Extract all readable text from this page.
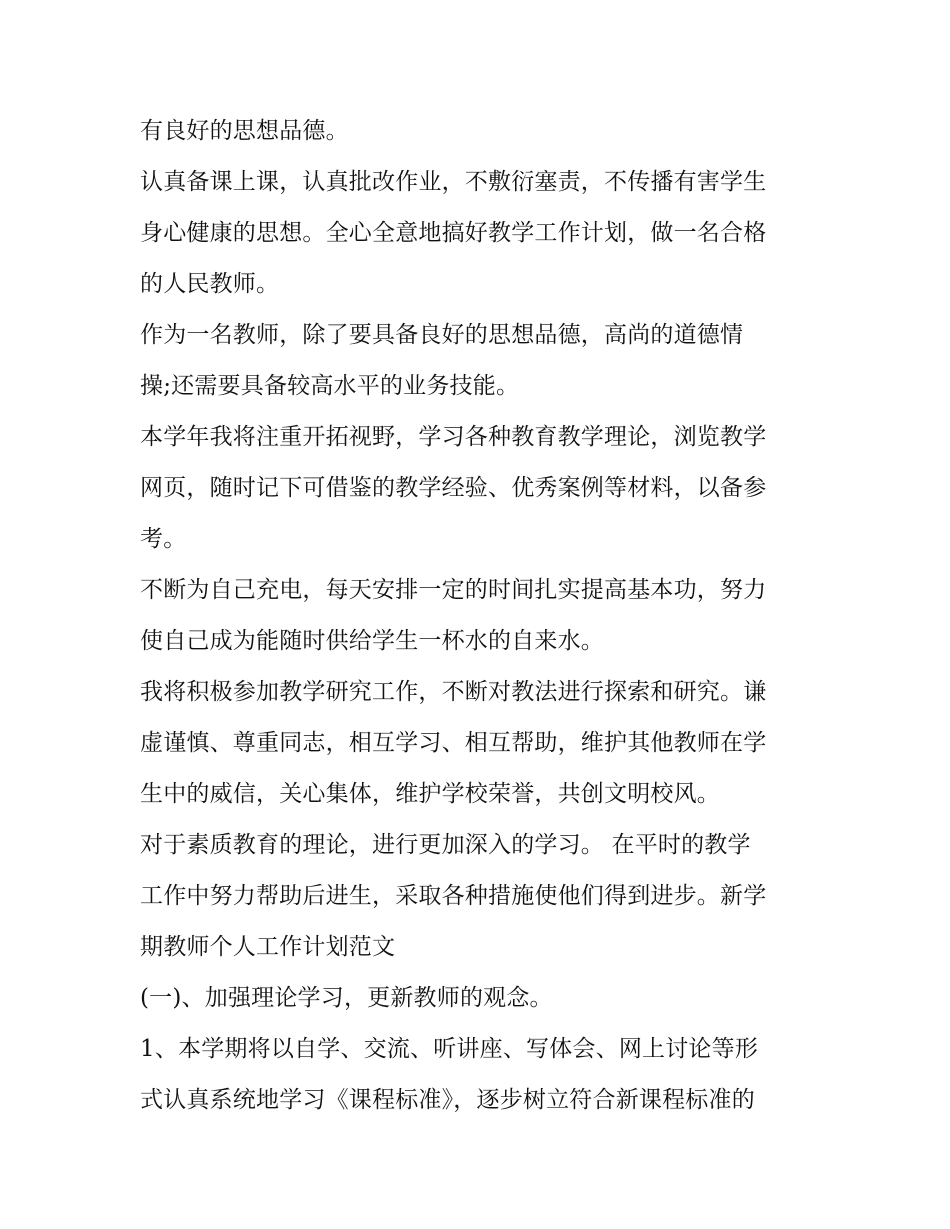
有良好的思想品德。
认真备课上课，认真批改作业，不敷衍塞责，不传播有害学生
身心健康的思想。全心全意地搞好教学工作计划，做一名合格
的人民教师。
作为一名教师，除了要具备良好的思想品德，高尚的道德情
操;还需要具备较高水平的业务技能。
本学年我将注重开拓视野，学习各种教育教学理论，浏览教学
网页，随时记下可借鉴的教学经验、优秀案例等材料，以备参
考。
不断为自己充电，每天安排一定的时间扎实提高基本功，努力
使自己成为能随时供给学生一杯水的自来水。
我将积极参加教学研究工作，不断对教法进行探索和研究。谦
虚谨慎、尊重同志，相互学习、相互帮助，维护其他教师在学
生中的威信，关心集体，维护学校荣誉，共创文明校风。
对于素质教育的理论，进行更加深入的学习。 在平时的教学
工作中努力帮助后进生，采取各种措施使他们得到进步。新学
期教师个人工作计划范文
(一)、加强理论学习，更新教师的观念。
1、本学期将以自学、交流、听讲座、写体会、网上讨论等形
式认真系统地学习《课程标准》，逐步树立符合新课程标准的
